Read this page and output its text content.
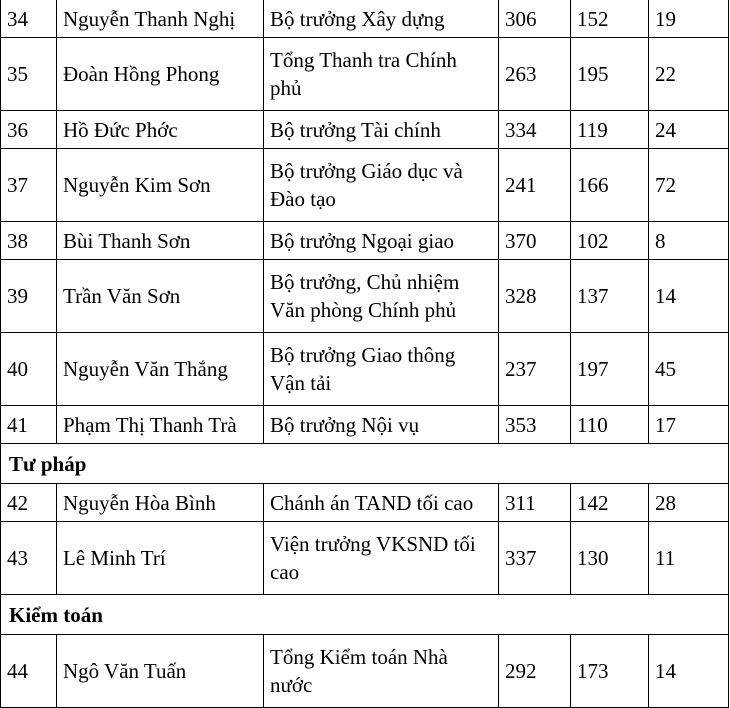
34	Nguyễn Thanh Nghị	Bộ trưởng Xây dựng	306	152	19
35	Đoàn Hồng Phong	Tổng Thanh tra Chính phủ	263	195	22
36	Hồ Đức Phớc	Bộ trưởng Tài chính	334	119	24
37	Nguyễn Kim Sơn	Bộ trưởng Giáo dục và Đào tạo	241	166	72
38	Bùi Thanh Sơn	Bộ trưởng Ngoại giao	370	102	8
39	Trần Văn Sơn	Bộ trưởng, Chủ nhiệm Văn phòng Chính phủ	328	137	14
40	Nguyễn Văn Thắng	Bộ trưởng Giao thông Vận tải	237	197	45
41	Phạm Thị Thanh Trà	Bộ trưởng Nội vụ	353	110	17
Tư pháp					
42	Nguyễn Hòa Bình	Chánh án TAND tối cao	311	142	28
43	Lê Minh Trí	Viện trưởng VKSND tối cao	337	130	11
Kiểm toán					
44	Ngô Văn Tuấn	Tổng Kiểm toán Nhà nước	292	173	14
